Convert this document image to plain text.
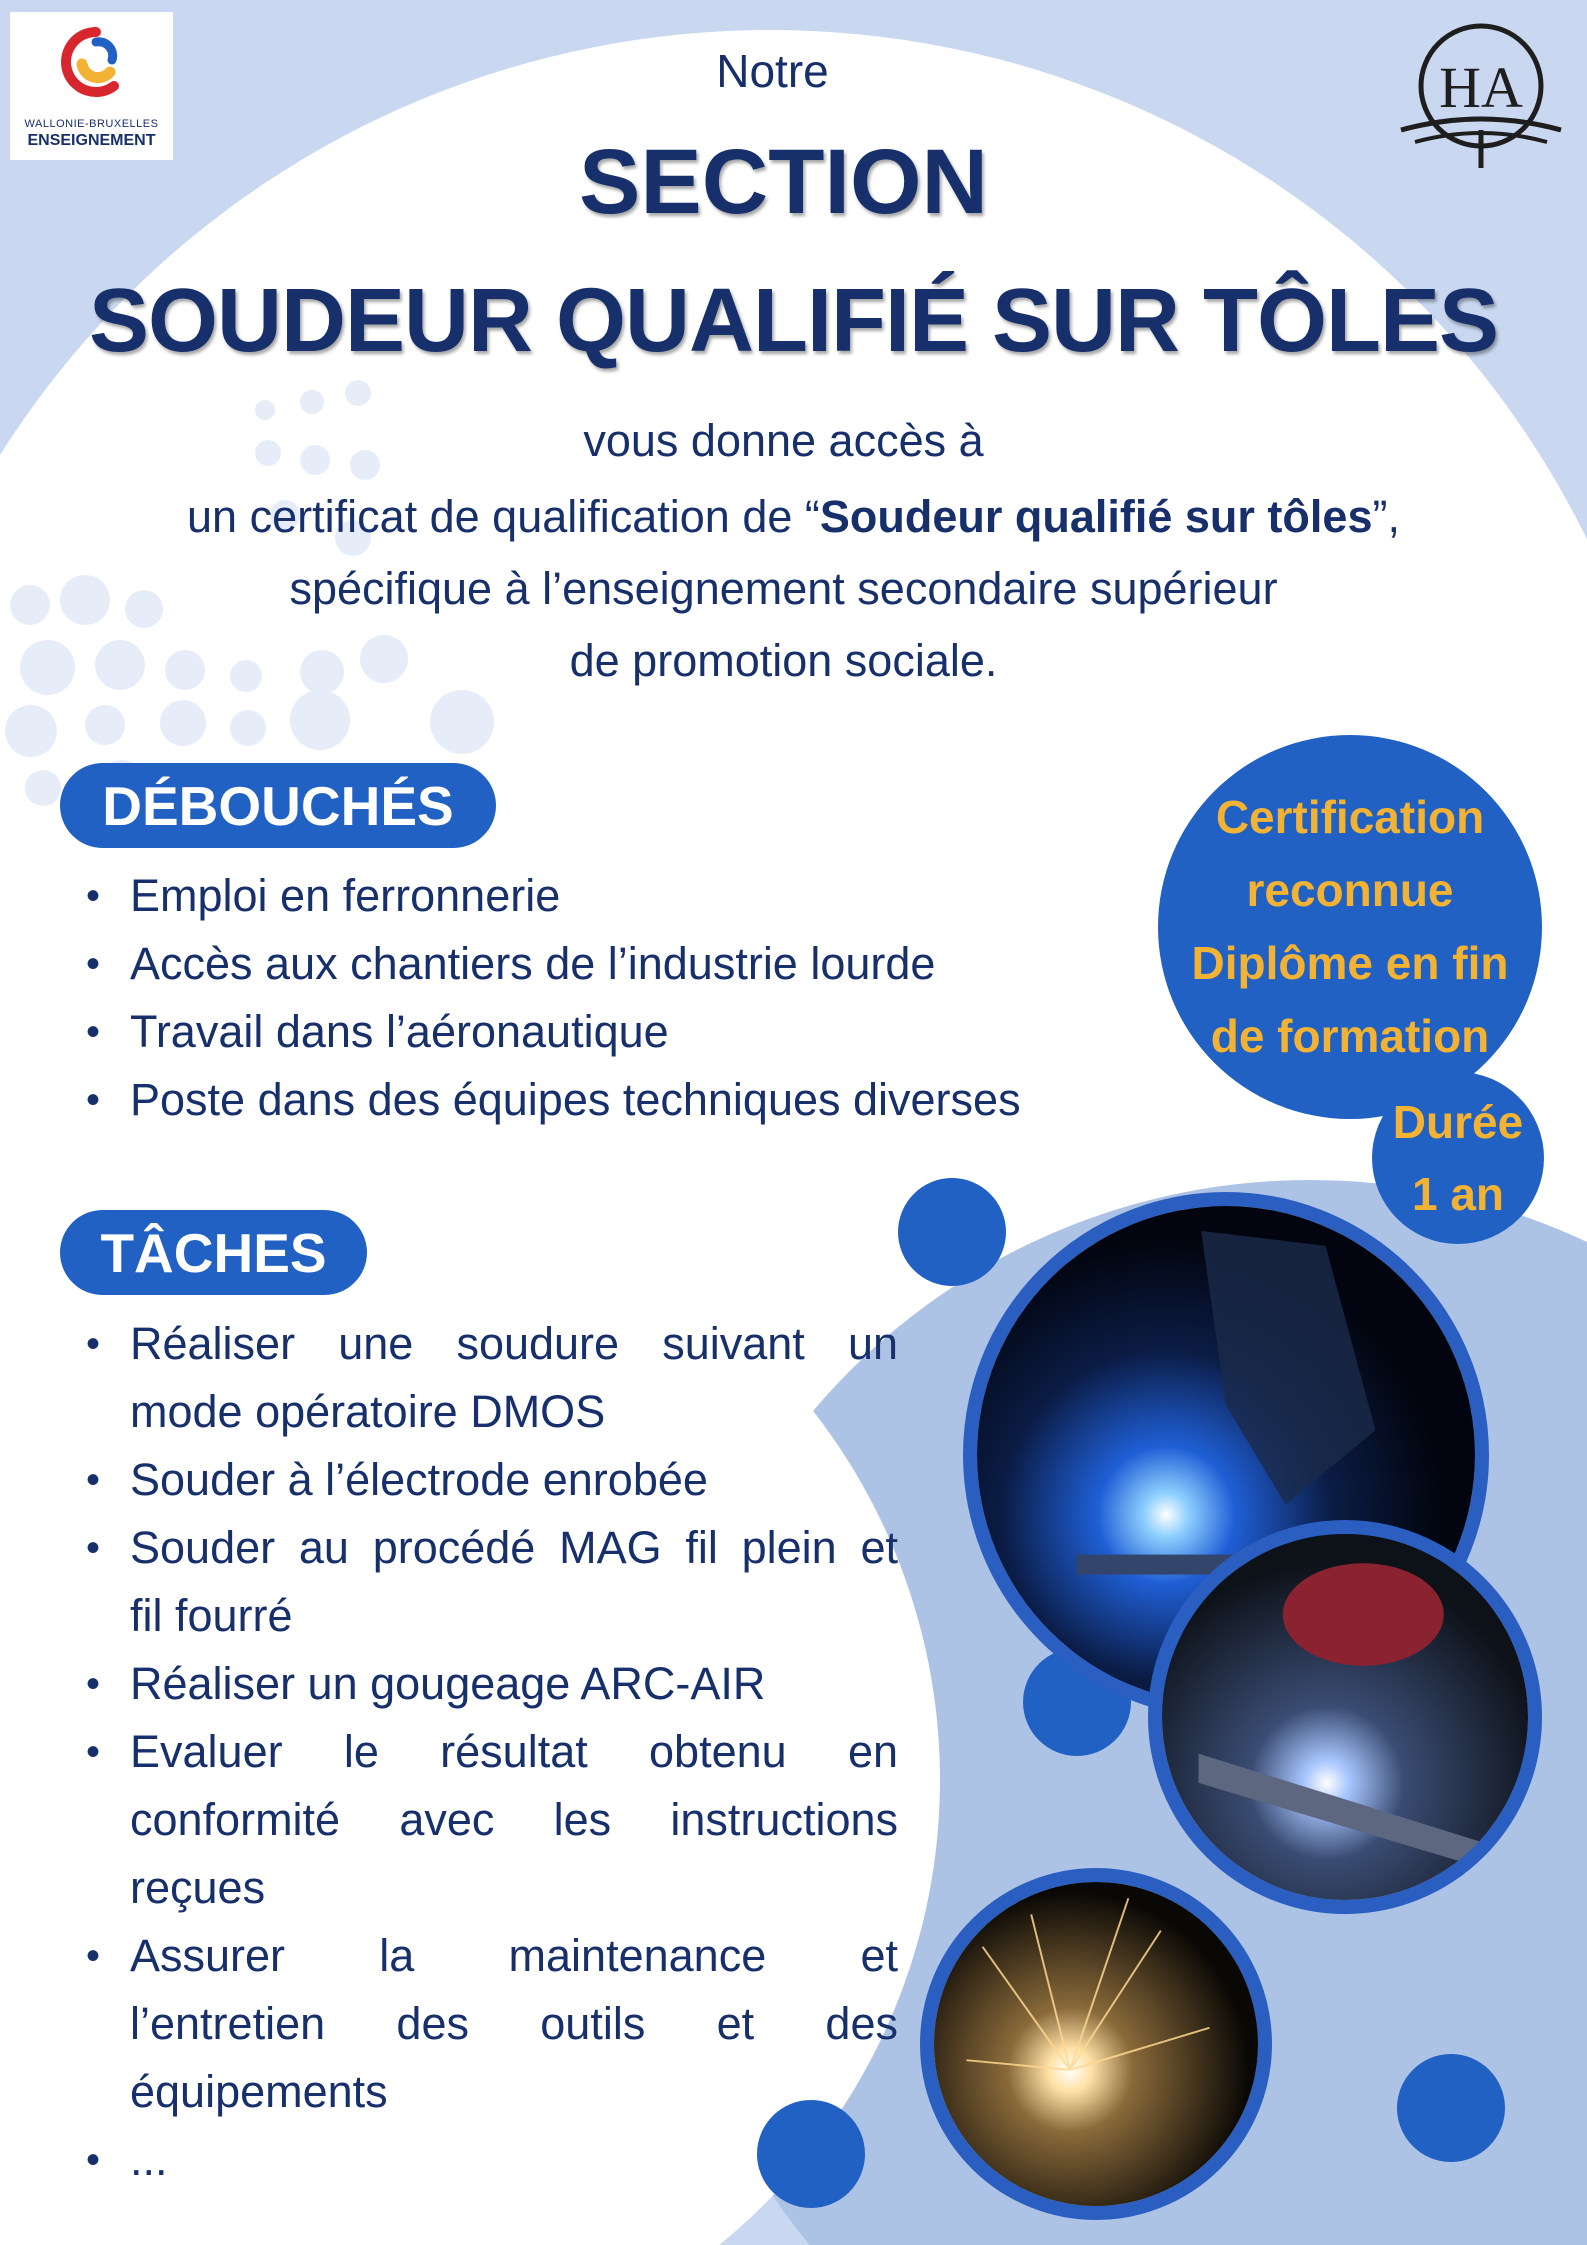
WALLONIE-BRUXELLES
ENSEIGNEMENT
HA
Notre
SECTION
SOUDEUR QUALIFIÉ SUR TÔLES
vous donne accès à
un certificat de qualification de “Soudeur qualifié sur tôles”,
spécifique à l’enseignement secondaire supérieur
de promotion sociale.
DÉBOUCHÉS
• Emploi en ferronnerie
• Accès aux chantiers de l’industrie lourde
• Travail dans l’aéronautique
• Poste dans des équipes techniques diverses
Certification
reconnue
Diplôme en fin
de formation
Durée
1 an
TÂCHES
• Réaliser une soudure suivant un
mode opératoire DMOS
• Souder à l’électrode enrobée
• Souder au procédé MAG fil plein et
fil fourré
• Réaliser un gougeage ARC-AIR
• Evaluer le résultat obtenu en
conformité avec les instructions
reçues
• Assurer la maintenance et
l’entretien des outils et des
équipements
• ...
